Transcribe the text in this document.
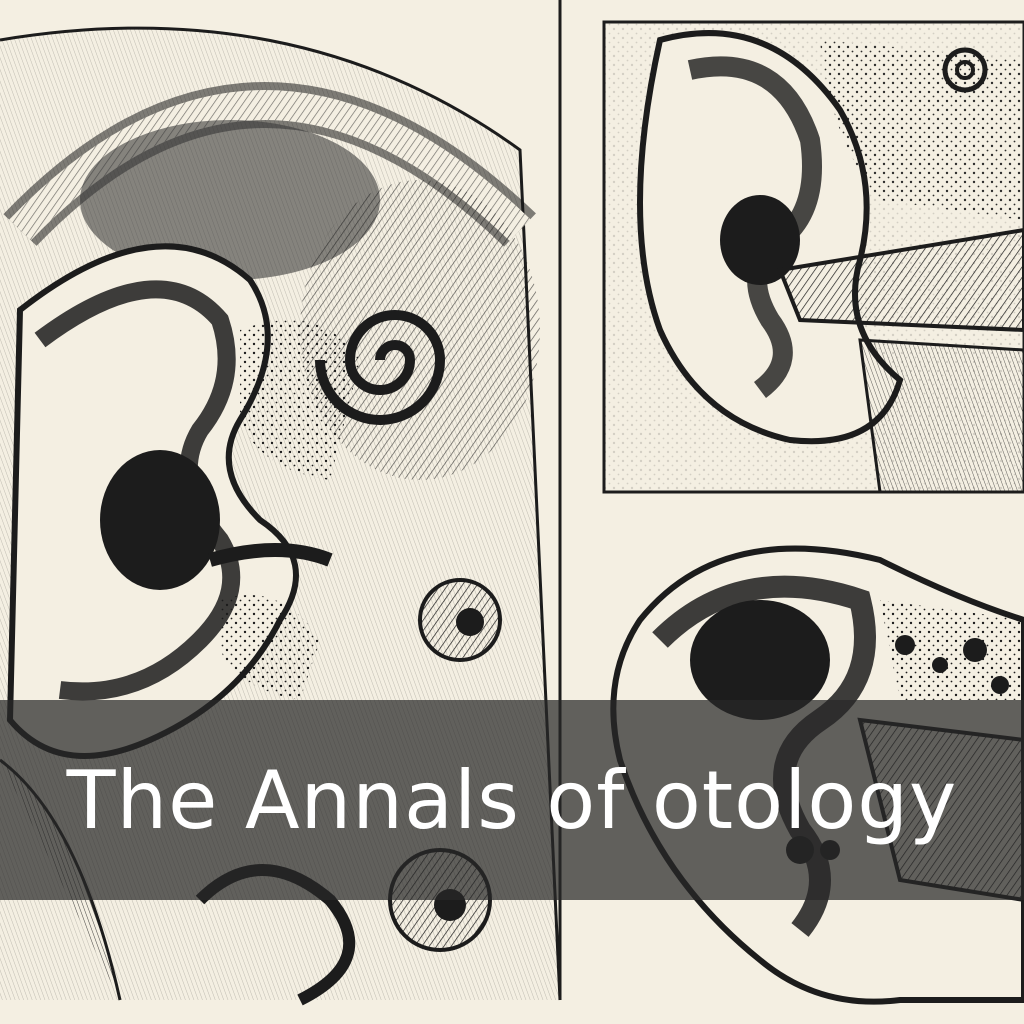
The Annals of otology
